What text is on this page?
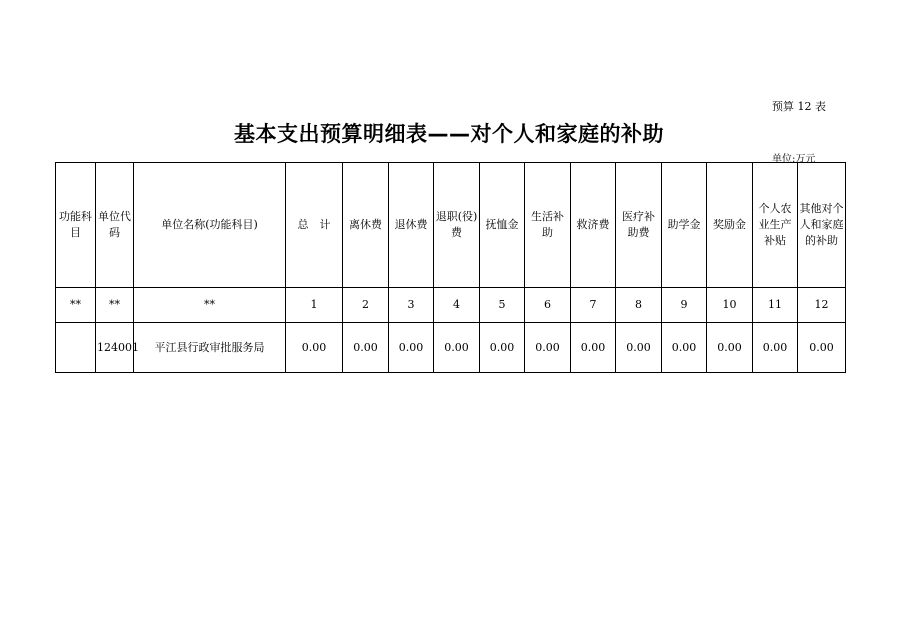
预算 12 表
基本支出预算明细表——对个人和家庭的补助
单位:万元
功能科目	单位代码	单位名称(功能科目)	总　计	离休费	退休费	退职(役)费	抚恤金	生活补助	救济费	医疗补助费	助学金	奖励金	个人农业生产补贴	其他对个人和家庭的补助
**	**	**	1	2	3	4	5	6	7	8	9	10	11	12
	124001	平江县行政审批服务局	0.00	0.00	0.00	0.00	0.00	0.00	0.00	0.00	0.00	0.00	0.00	0.00
